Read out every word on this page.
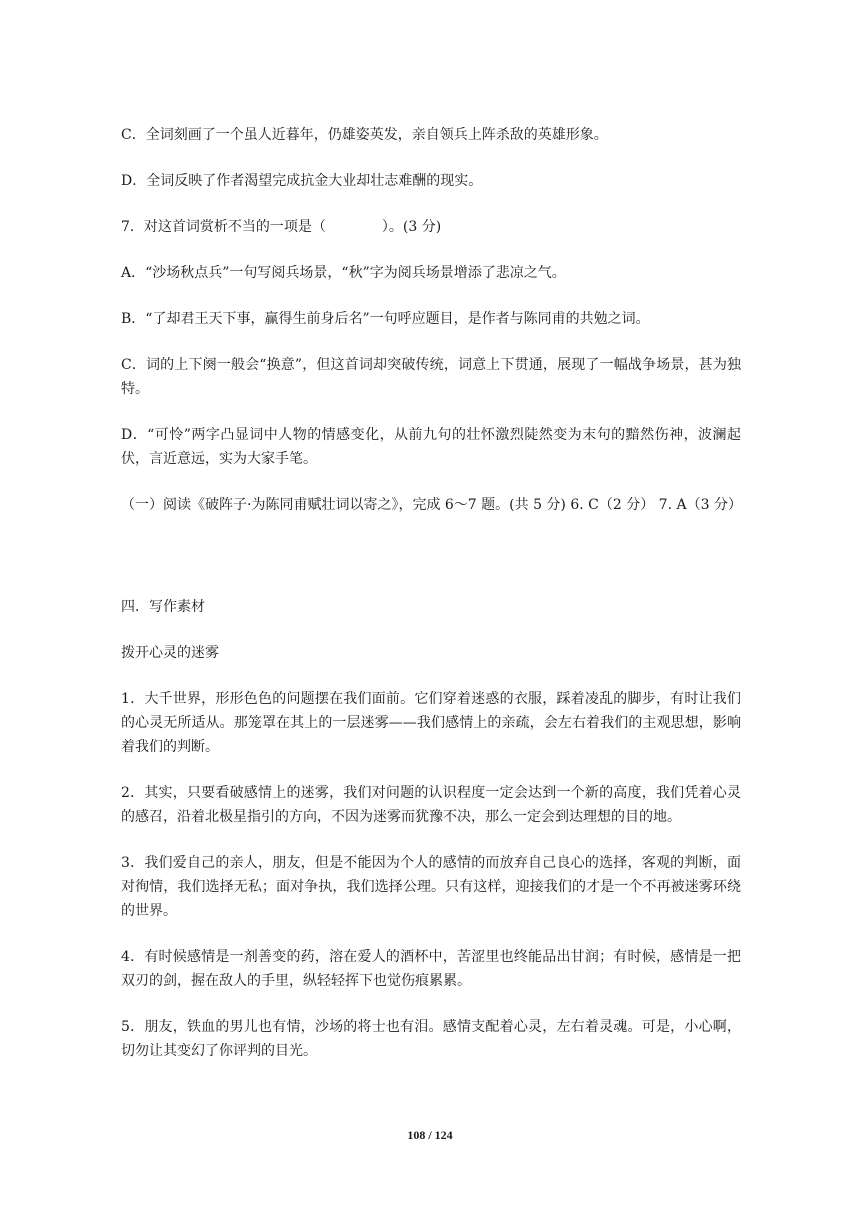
C．全词刻画了一个虽人近暮年，仍雄姿英发，亲自领兵上阵杀敌的英雄形象。

D．全词反映了作者渴望完成抗金大业却壮志难酬的现实。

7．对这首词赏析不当的一项是（　　　　）。(3 分)

A．“沙场秋点兵”一句写阅兵场景，“秋”字为阅兵场景增添了悲凉之气。

B．“了却君王天下事，赢得生前身后名”一句呼应题目，是作者与陈同甫的共勉之词。

C．词的上下阕一般会“换意”，但这首词却突破传统，词意上下贯通，展现了一幅战争场景，甚为独特。

D．“可怜”两字凸显词中人物的情感变化，从前九句的壮怀激烈陡然变为末句的黯然伤神，波澜起伏，言近意远，实为大家手笔。

（一）阅读《破阵子·为陈同甫赋壮词以寄之》，完成 6～7 题。(共 5 分) 6. C（2 分） 7. A（3 分）

四．写作素材

拨开心灵的迷雾

1．大千世界，形形色色的问题摆在我们面前。它们穿着迷惑的衣服，踩着凌乱的脚步，有时让我们的心灵无所适从。那笼罩在其上的一层迷雾——我们感情上的亲疏，会左右着我们的主观思想，影响着我们的判断。

2．其实，只要看破感情上的迷雾，我们对问题的认识程度一定会达到一个新的高度，我们凭着心灵的感召，沿着北极星指引的方向，不因为迷雾而犹豫不决，那么一定会到达理想的目的地。

3．我们爱自己的亲人，朋友，但是不能因为个人的感情的而放弃自己良心的选择，客观的判断，面对徇情，我们选择无私；面对争执，我们选择公理。只有这样，迎接我们的才是一个不再被迷雾环绕的世界。

4．有时候感情是一剂善变的药，溶在爱人的酒杯中，苦涩里也终能品出甘润；有时候，感情是一把双刃的剑，握在敌人的手里，纵轻轻挥下也觉伤痕累累。

5．朋友，铁血的男儿也有情，沙场的将士也有泪。感情支配着心灵，左右着灵魂。可是，小心啊，切勿让其变幻了你评判的目光。

108 / 124
